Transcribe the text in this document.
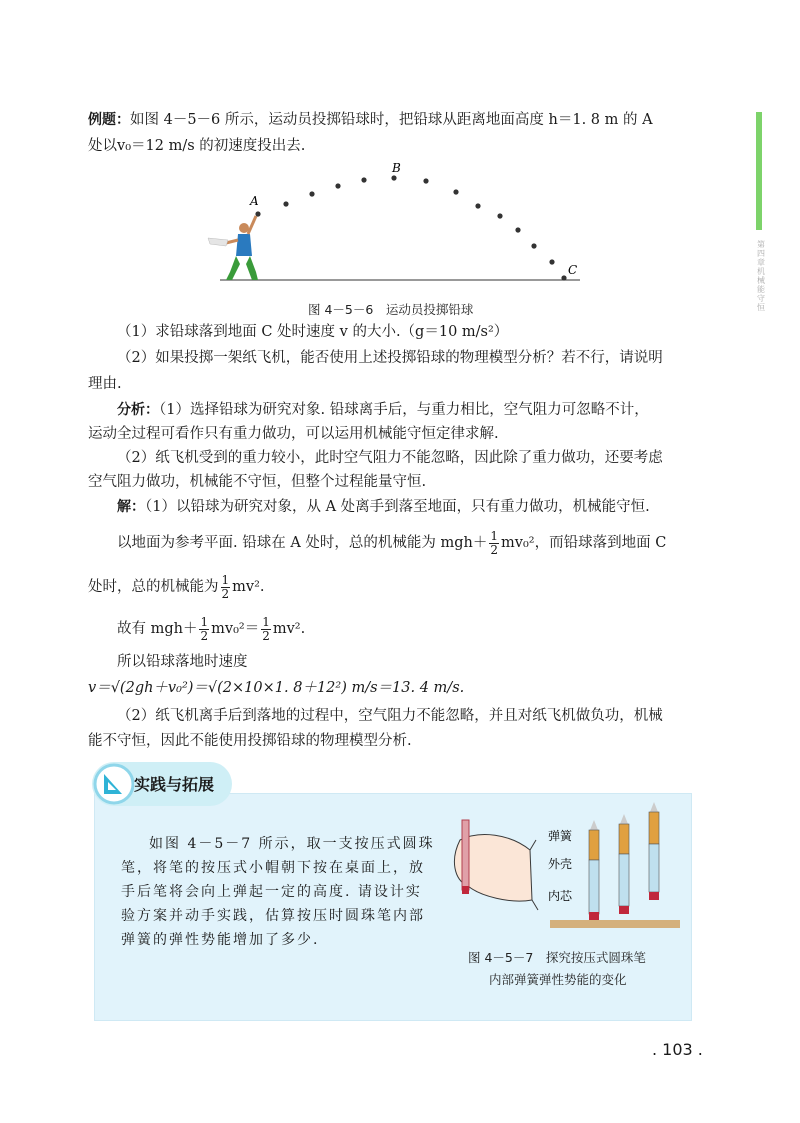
第四章 机械能守恒
例题：如图 4－5－6 所示，运动员投掷铅球时，把铅球从距离地面高度 h＝1. 8 m 的 A
处以v₀＝12 m/s 的初速度投出去.
A
B
C
图 4－5－6　运动员投掷铅球
（1）求铅球落到地面 C 处时速度 v 的大小.（g＝10 m/s²）
（2）如果投掷一架纸飞机，能否使用上述投掷铅球的物理模型分析？若不行，请说明
理由.
分析：（1）选择铅球为研究对象. 铅球离手后，与重力相比，空气阻力可忽略不计，
运动全过程可看作只有重力做功，可以运用机械能守恒定律求解.
（2）纸飞机受到的重力较小，此时空气阻力不能忽略，因此除了重力做功，还要考虑
空气阻力做功，机械能不守恒，但整个过程能量守恒.
解：（1）以铅球为研究对象，从 A 处离手到落至地面，只有重力做功，机械能守恒.
以地面为参考平面. 铅球在 A 处时，总的机械能为 $mgh+ \frac{1}{2} mv_0^2$，而铅球落到地面 C
处时，总的机械能为 $\frac{1}{2} mv^2$.
故有 $mgh+ \frac{1}{2} mv_0^2= \frac{1}{2} mv^2$.
所以铅球落地时速度
v＝√(2gh＋v₀²)＝√(2×10×1. 8＋12²) m/s＝13. 4 m/s.
（2）纸飞机离手后到落地的过程中，空气阻力不能忽略，并且对纸飞机做负功，机械
能不守恒，因此不能使用投掷铅球的物理模型分析.
实践与拓展
如图 4－5－7 所示，取一支按压式圆珠
笔，将笔的按压式小帽朝下按在桌面上，放
手后笔将会向上弹起一定的高度. 请设计实
验方案并动手实践，估算按压时圆珠笔内部
弹簧的弹性势能增加了多少.
弹簧
外壳
内芯
图 4－5－7　探究按压式圆珠笔
内部弹簧弹性势能的变化
. 103 .
